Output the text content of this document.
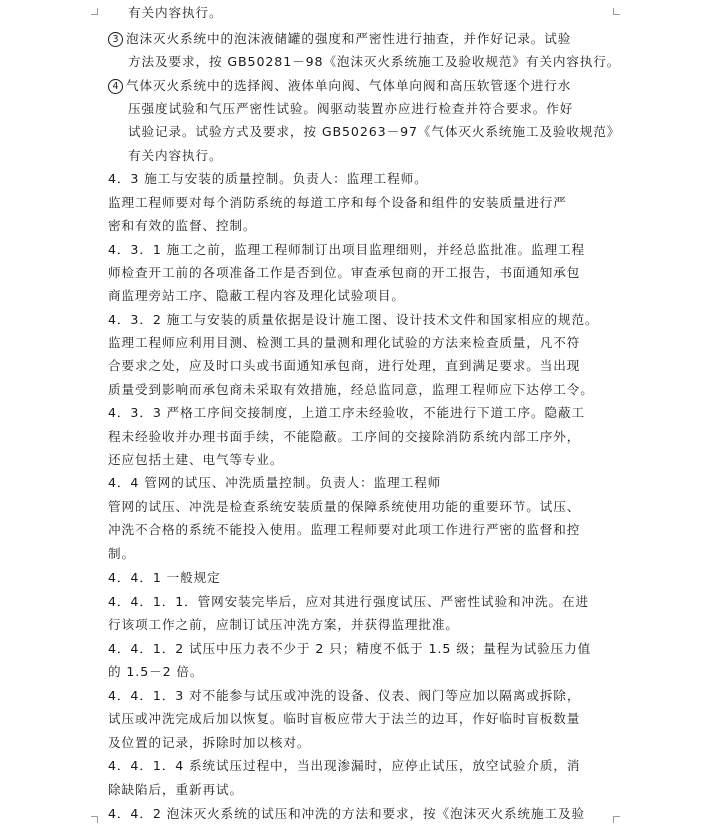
有关内容执行。
3 泡沫灭火系统中的泡沫液储罐的强度和严密性进行抽查，并作好记录。试验
方法及要求，按 GB50281－98《泡沫灭火系统施工及验收规范》有关内容执行。
4 气体灭火系统中的选择阀、液体单向阀、气体单向阀和高压软管逐个进行水
压强度试验和气压严密性试验。阀驱动装置亦应进行检查并符合要求。作好
试验记录。试验方式及要求，按 GB50263－97《气体灭火系统施工及验收规范》
有关内容执行。
4．3 施工与安装的质量控制。负责人：监理工程师。
监理工程师要对每个消防系统的每道工序和每个设备和组件的安装质量进行严
密和有效的监督、控制。
4．3．1 施工之前，监理工程师制订出项目监理细则，并经总监批准。监理工程
师检查开工前的各项准备工作是否到位。审查承包商的开工报告，书面通知承包
商监理旁站工序、隐蔽工程内容及理化试验项目。
4．3．2 施工与安装的质量依据是设计施工图、设计技术文件和国家相应的规范。
监理工程师应利用目测、检测工具的量测和理化试验的方法来检查质量，凡不符
合要求之处，应及时口头或书面通知承包商，进行处理，直到满足要求。当出现
质量受到影响而承包商未采取有效措施，经总监同意，监理工程师应下达停工令。
4．3．3 严格工序间交接制度，上道工序未经验收，不能进行下道工序。隐蔽工
程未经验收并办理书面手续，不能隐蔽。工序间的交接除消防系统内部工序外，
还应包括土建、电气等专业。
4．4 管网的试压、冲洗质量控制。负责人：监理工程师
管网的试压、冲洗是检查系统安装质量的保障系统使用功能的重要环节。试压、
冲洗不合格的系统不能投入使用。监理工程师要对此项工作进行严密的监督和控
制。
4．4．1 一般规定
4．4．1．1．管网安装完毕后，应对其进行强度试压、严密性试验和冲洗。在进
行该项工作之前，应制订试压冲洗方案，并获得监理批准。
4．4．1．2 试压中压力表不少于 2 只；精度不低于 1.5 级；量程为试验压力值
的 1.5－2 倍。
4．4．1．3 对不能参与试压或冲洗的设备、仪表、阀门等应加以隔离或拆除，
试压或冲洗完成后加以恢复。临时盲板应带大于法兰的边耳，作好临时盲板数量
及位置的记录，拆除时加以核对。
4．4．1．4 系统试压过程中，当出现渗漏时，应停止试压，放空试验介质，消
除缺陷后，重新再试。
4．4．2 泡沫灭火系统的试压和冲洗的方法和要求，按《泡沫灭火系统施工及验
